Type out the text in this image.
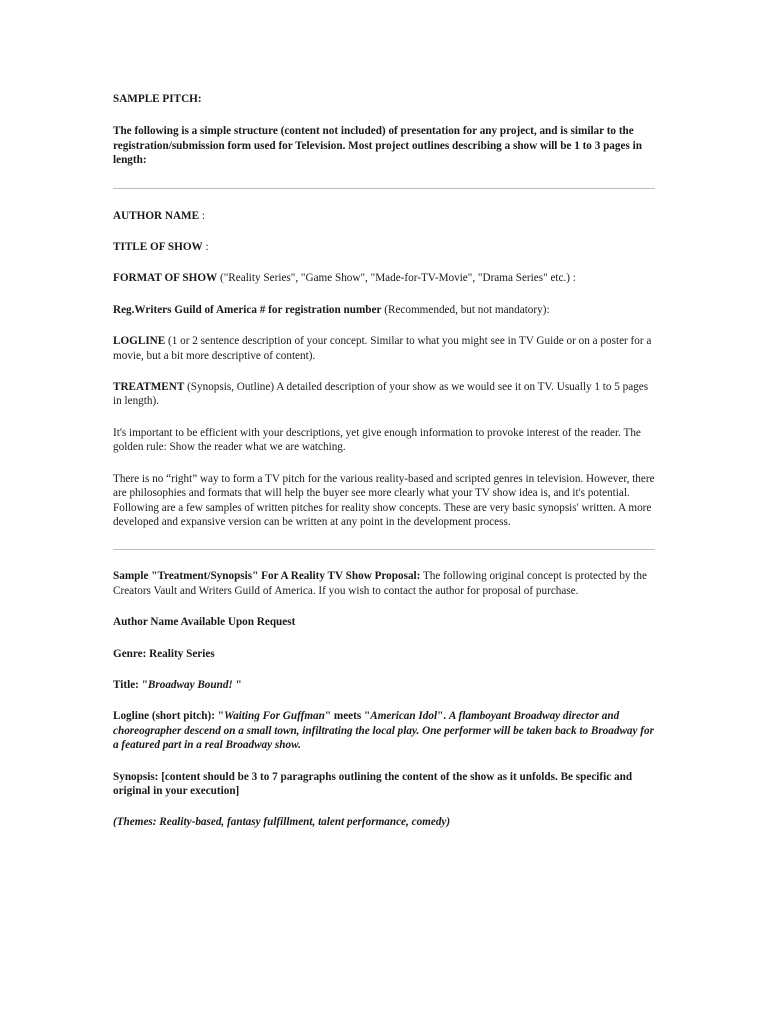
SAMPLE PITCH:

The following is a simple structure (content not included) of presentation for any project, and is similar to the registration/submission form used for Television. Most project outlines describing a show will be 1 to 3 pages in length:

AUTHOR NAME :

TITLE OF SHOW :

FORMAT OF SHOW ("Reality Series", "Game Show", "Made-for-TV-Movie", "Drama Series" etc.) :

Reg.Writers Guild of America # for registration number (Recommended, but not mandatory):

LOGLINE (1 or 2 sentence description of your concept. Similar to what you might see in TV Guide or on a poster for a movie, but a bit more descriptive of content).

TREATMENT (Synopsis, Outline) A detailed description of your show as we would see it on TV. Usually 1 to 5 pages in length).

It's important to be efficient with your descriptions, yet give enough information to provoke interest of the reader. The golden rule: Show the reader what we are watching.

There is no “right” way to form a TV pitch for the various reality-based and scripted genres in television. However, there are philosophies and formats that will help the buyer see more clearly what your TV show idea is, and it's potential. Following are a few samples of written pitches for reality show concepts. These are very basic synopsis' written. A more developed and expansive version can be written at any point in the development process.

Sample "Treatment/Synopsis" For A Reality TV Show Proposal: The following original concept is protected by the Creators Vault and Writers Guild of America. If you wish to contact the author for proposal of purchase.

Author Name Available Upon Request

Genre: Reality Series

Title: "Broadway Bound! "

Logline (short pitch): "Waiting For Guffman" meets "American Idol". A flamboyant Broadway director and choreographer descend on a small town, infiltrating the local play. One performer will be taken back to Broadway for a featured part in a real Broadway show.

Synopsis: [content should be 3 to 7 paragraphs outlining the content of the show as it unfolds. Be specific and original in your execution]

(Themes: Reality-based, fantasy fulfillment, talent performance, comedy)
